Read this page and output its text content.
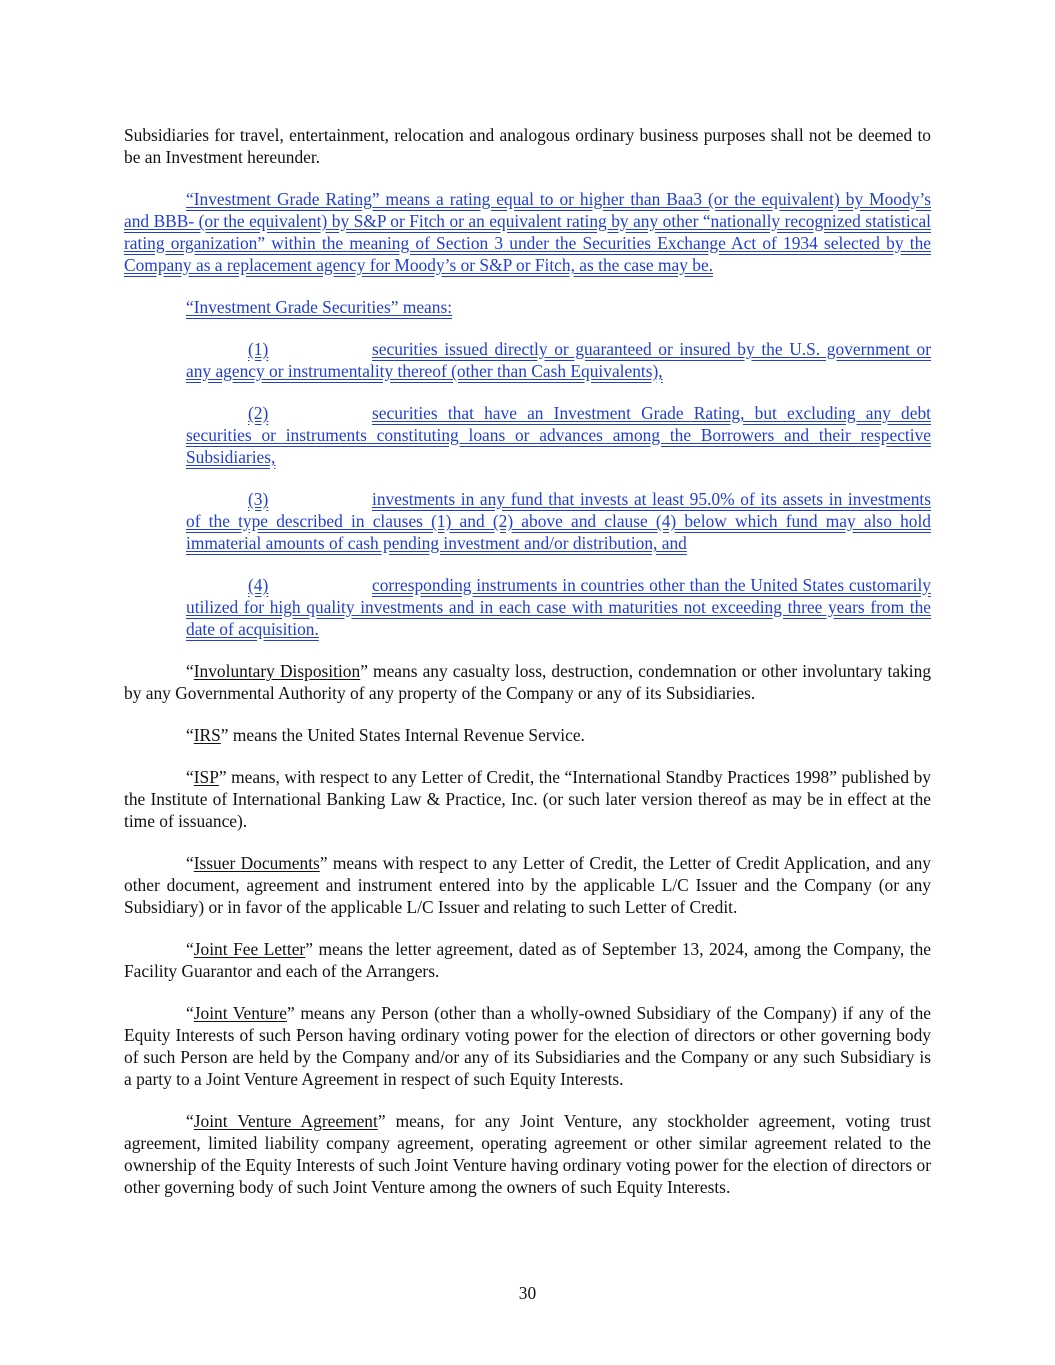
Subsidiaries for travel, entertainment, relocation and analogous ordinary business purposes shall not be deemed to be an Investment hereunder.

“Investment Grade Rating” means a rating equal to or higher than Baa3 (or the equivalent) by Moody’s and BBB- (or the equivalent) by S&P or Fitch or an equivalent rating by any other “nationally recognized statistical rating organization” within the meaning of Section 3 under the Securities Exchange Act of 1934 selected by the Company as a replacement agency for Moody’s or S&P or Fitch, as the case may be.

“Investment Grade Securities” means:

(1)	securities issued directly or guaranteed or insured by the U.S. government or any agency or instrumentality thereof (other than Cash Equivalents),
(2)	securities that have an Investment Grade Rating, but excluding any debt securities or instruments constituting loans or advances among the Borrowers and their respective Subsidiaries,
(3)	investments in any fund that invests at least 95.0% of its assets in investments of the type described in clauses (1) and (2) above and clause (4) below which fund may also hold immaterial amounts of cash pending investment and/or distribution, and
(4)	corresponding instruments in countries other than the United States customarily utilized for high quality investments and in each case with maturities not exceeding three years from the date of acquisition.

“Involuntary Disposition” means any casualty loss, destruction, condemnation or other involuntary taking by any Governmental Authority of any property of the Company or any of its Subsidiaries.

“IRS” means the United States Internal Revenue Service.

“ISP” means, with respect to any Letter of Credit, the “International Standby Practices 1998” published by the Institute of International Banking Law & Practice, Inc. (or such later version thereof as may be in effect at the time of issuance).

“Issuer Documents” means with respect to any Letter of Credit, the Letter of Credit Application, and any other document, agreement and instrument entered into by the applicable L/C Issuer and the Company (or any Subsidiary) or in favor of the applicable L/C Issuer and relating to such Letter of Credit.

“Joint Fee Letter” means the letter agreement, dated as of September 13, 2024, among the Company, the Facility Guarantor and each of the Arrangers.

“Joint Venture” means any Person (other than a wholly-owned Subsidiary of the Company) if any of the Equity Interests of such Person having ordinary voting power for the election of directors or other governing body of such Person are held by the Company and/or any of its Subsidiaries and the Company or any such Subsidiary is a party to a Joint Venture Agreement in respect of such Equity Interests.

“Joint Venture Agreement” means, for any Joint Venture, any stockholder agreement, voting trust agreement, limited liability company agreement, operating agreement or other similar agreement related to the ownership of the Equity Interests of such Joint Venture having ordinary voting power for the election of directors or other governing body of such Joint Venture among the owners of such Equity Interests.

30
